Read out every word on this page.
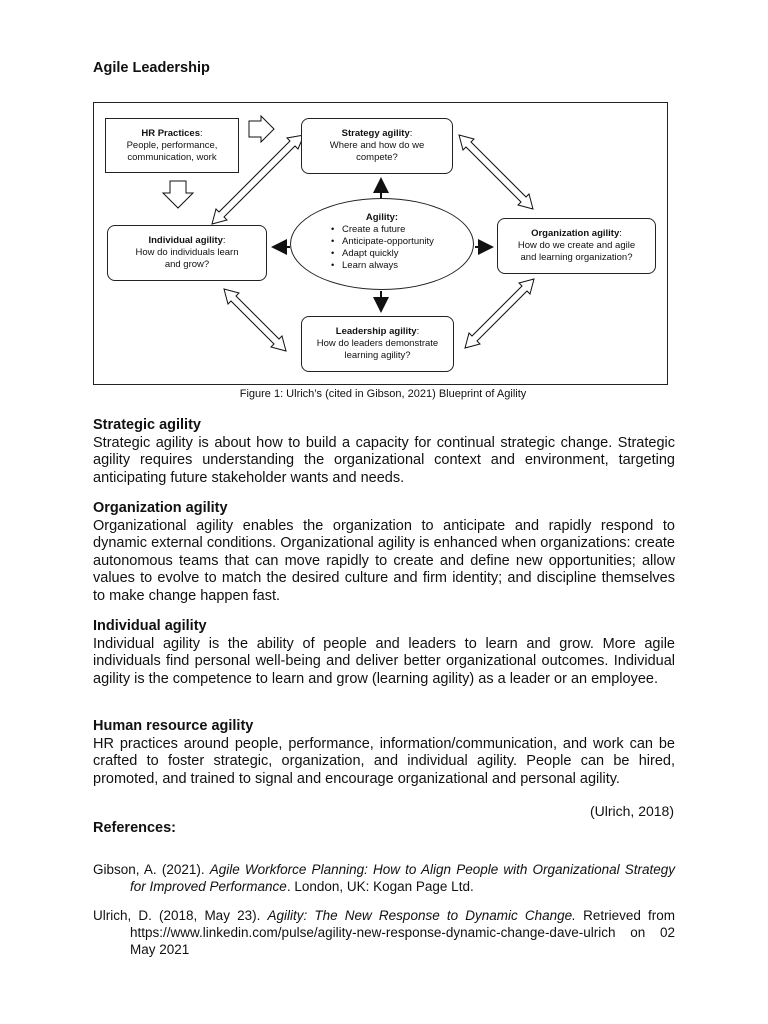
Agile Leadership
HR Practices:
People, performance,
communication, work
Strategy agility:
Where and how do we
compete?
Individual agility:
How do individuals learn
and grow?
Organization agility:
How do we create and agile
and learning organization?
Leadership agility:
How do leaders demonstrate
learning agility?
Agility:
• Create a future
• Anticipate-opportunity
• Adapt quickly
• Learn always
Figure 1: Ulrich’s (cited in Gibson, 2021) Blueprint of Agility
Strategic agility

Strategic agility is about how to build a capacity for continual strategic change. Strategic agility requires understanding the organizational context and environment, targeting anticipating future stakeholder wants and needs.

Organization agility

Organizational agility enables the organization to anticipate and rapidly respond to dynamic external conditions. Organizational agility is enhanced when organizations: create autonomous teams that can move rapidly to create and define new opportunities; allow values to evolve to match the desired culture and firm identity; and discipline themselves to make change happen fast.

Individual agility

Individual agility is the ability of people and leaders to learn and grow. More agile individuals find personal well-being and deliver better organizational outcomes. Individual agility is the competence to learn and grow (learning agility) as a leader or an employee.

Human resource agility

HR practices around people, performance, information/communication, and work can be crafted to foster strategic, organization, and individual agility. People can be hired, promoted, and trained to signal and encourage organizational and personal agility.

(Ulrich, 2018)
References:
Gibson, A. (2021). Agile Workforce Planning: How to Align People with Organizational Strategy for Improved Performance. London, UK: Kogan Page Ltd.
Ulrich, D. (2018, May 23). Agility: The New Response to Dynamic Change. Retrieved from https://www.linkedin.com/pulse/agility-new-response-dynamic-change-dave-ulrich on 02 May 2021
